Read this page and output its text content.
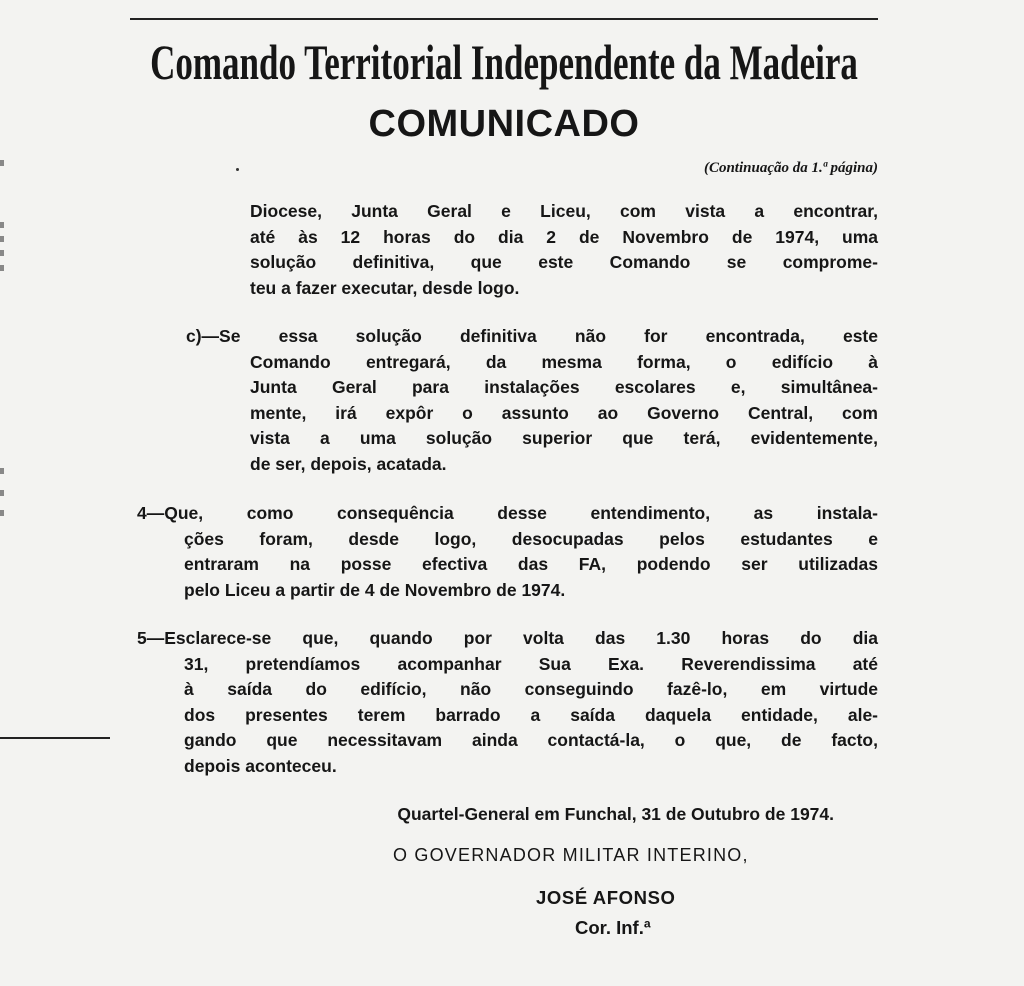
Comando Territorial Independente da Madeira
COMUNICADO
(Continuação da 1.ª página)
Diocese, Junta Geral e Liceu, com vista a encontrar,
até às 12 horas do dia 2 de Novembro de 1974, uma
solução definitiva, que este Comando se comprome-
teu a fazer executar, desde logo.
c)—Se essa solução definitiva não for encontrada, este
Comando entregará, da mesma forma, o edifício à
Junta Geral para instalações escolares e, simultânea-
mente, irá expôr o assunto ao Governo Central, com
vista a uma solução superior que terá, evidentemente,
de ser, depois, acatada.
4—Que, como consequência desse entendimento, as instala-
ções foram, desde logo, desocupadas pelos estudantes e
entraram na posse efectiva das FA, podendo ser utilizadas
pelo Liceu a partir de 4 de Novembro de 1974.
5—Esclarece-se que, quando por volta das 1.30 horas do dia
31, pretendíamos acompanhar Sua Exa. Reverendissima até
à saída do edifício, não conseguindo fazê-lo, em virtude
dos presentes terem barrado a saída daquela entidade, ale-
gando que necessitavam ainda contactá-la, o que, de facto,
depois aconteceu.
Quartel-General em Funchal, 31 de Outubro de 1974.
O GOVERNADOR MILITAR INTERINO,
JOSÉ AFONSO
Cor. Inf.ª
